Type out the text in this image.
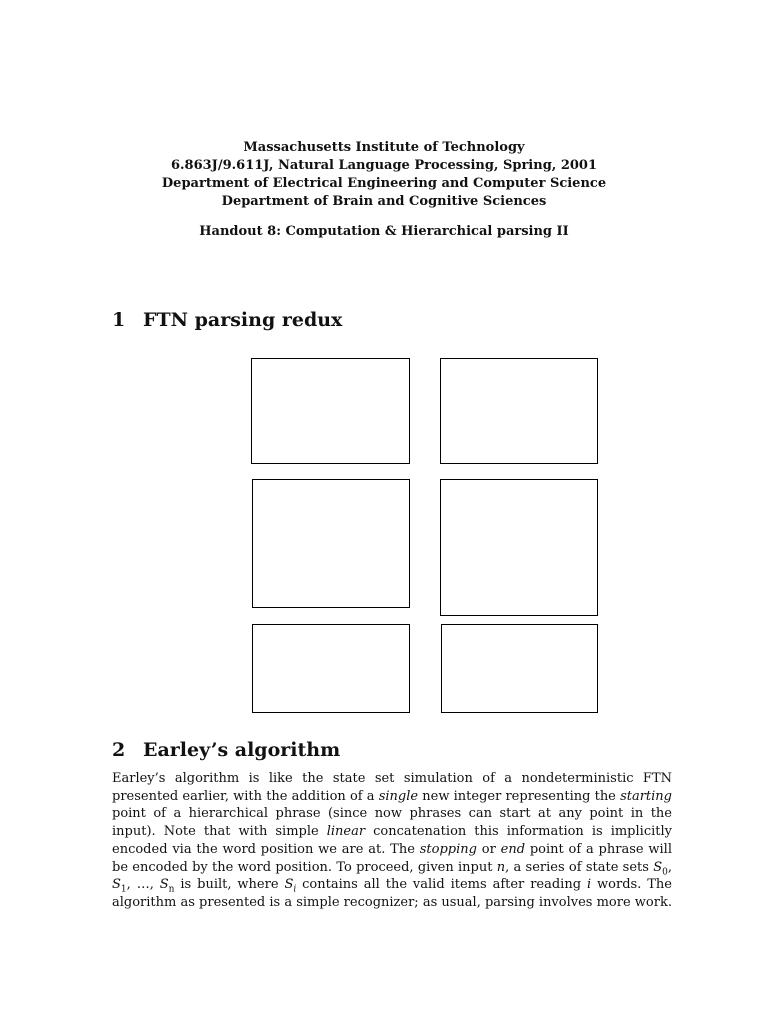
Massachusetts Institute of Technology
6.863J/9.611J, Natural Language Processing, Spring, 2001
Department of Electrical Engineering and Computer Science
Department of Brain and Cognitive Sciences
Handout 8: Computation & Hierarchical parsing II
1 FTN parsing redux
2 Earley’s algorithm

Earley’s algorithm is like the state set simulation of a nondeterministic FTN presented earlier, with the addition of a single new integer representing the starting point of a hierarchical phrase (since now phrases can start at any point in the input). Note that with simple linear concatenation this information is implicitly encoded via the word position we are at. The stopping or end point of a phrase will be encoded by the word position. To proceed, given input n, a series of state sets $S_0$, $S_1$, …, $S_n$ is built, where $S_i$ contains all the valid items after reading i words. The algorithm as presented is a simple recognizer; as usual, parsing involves more work.
